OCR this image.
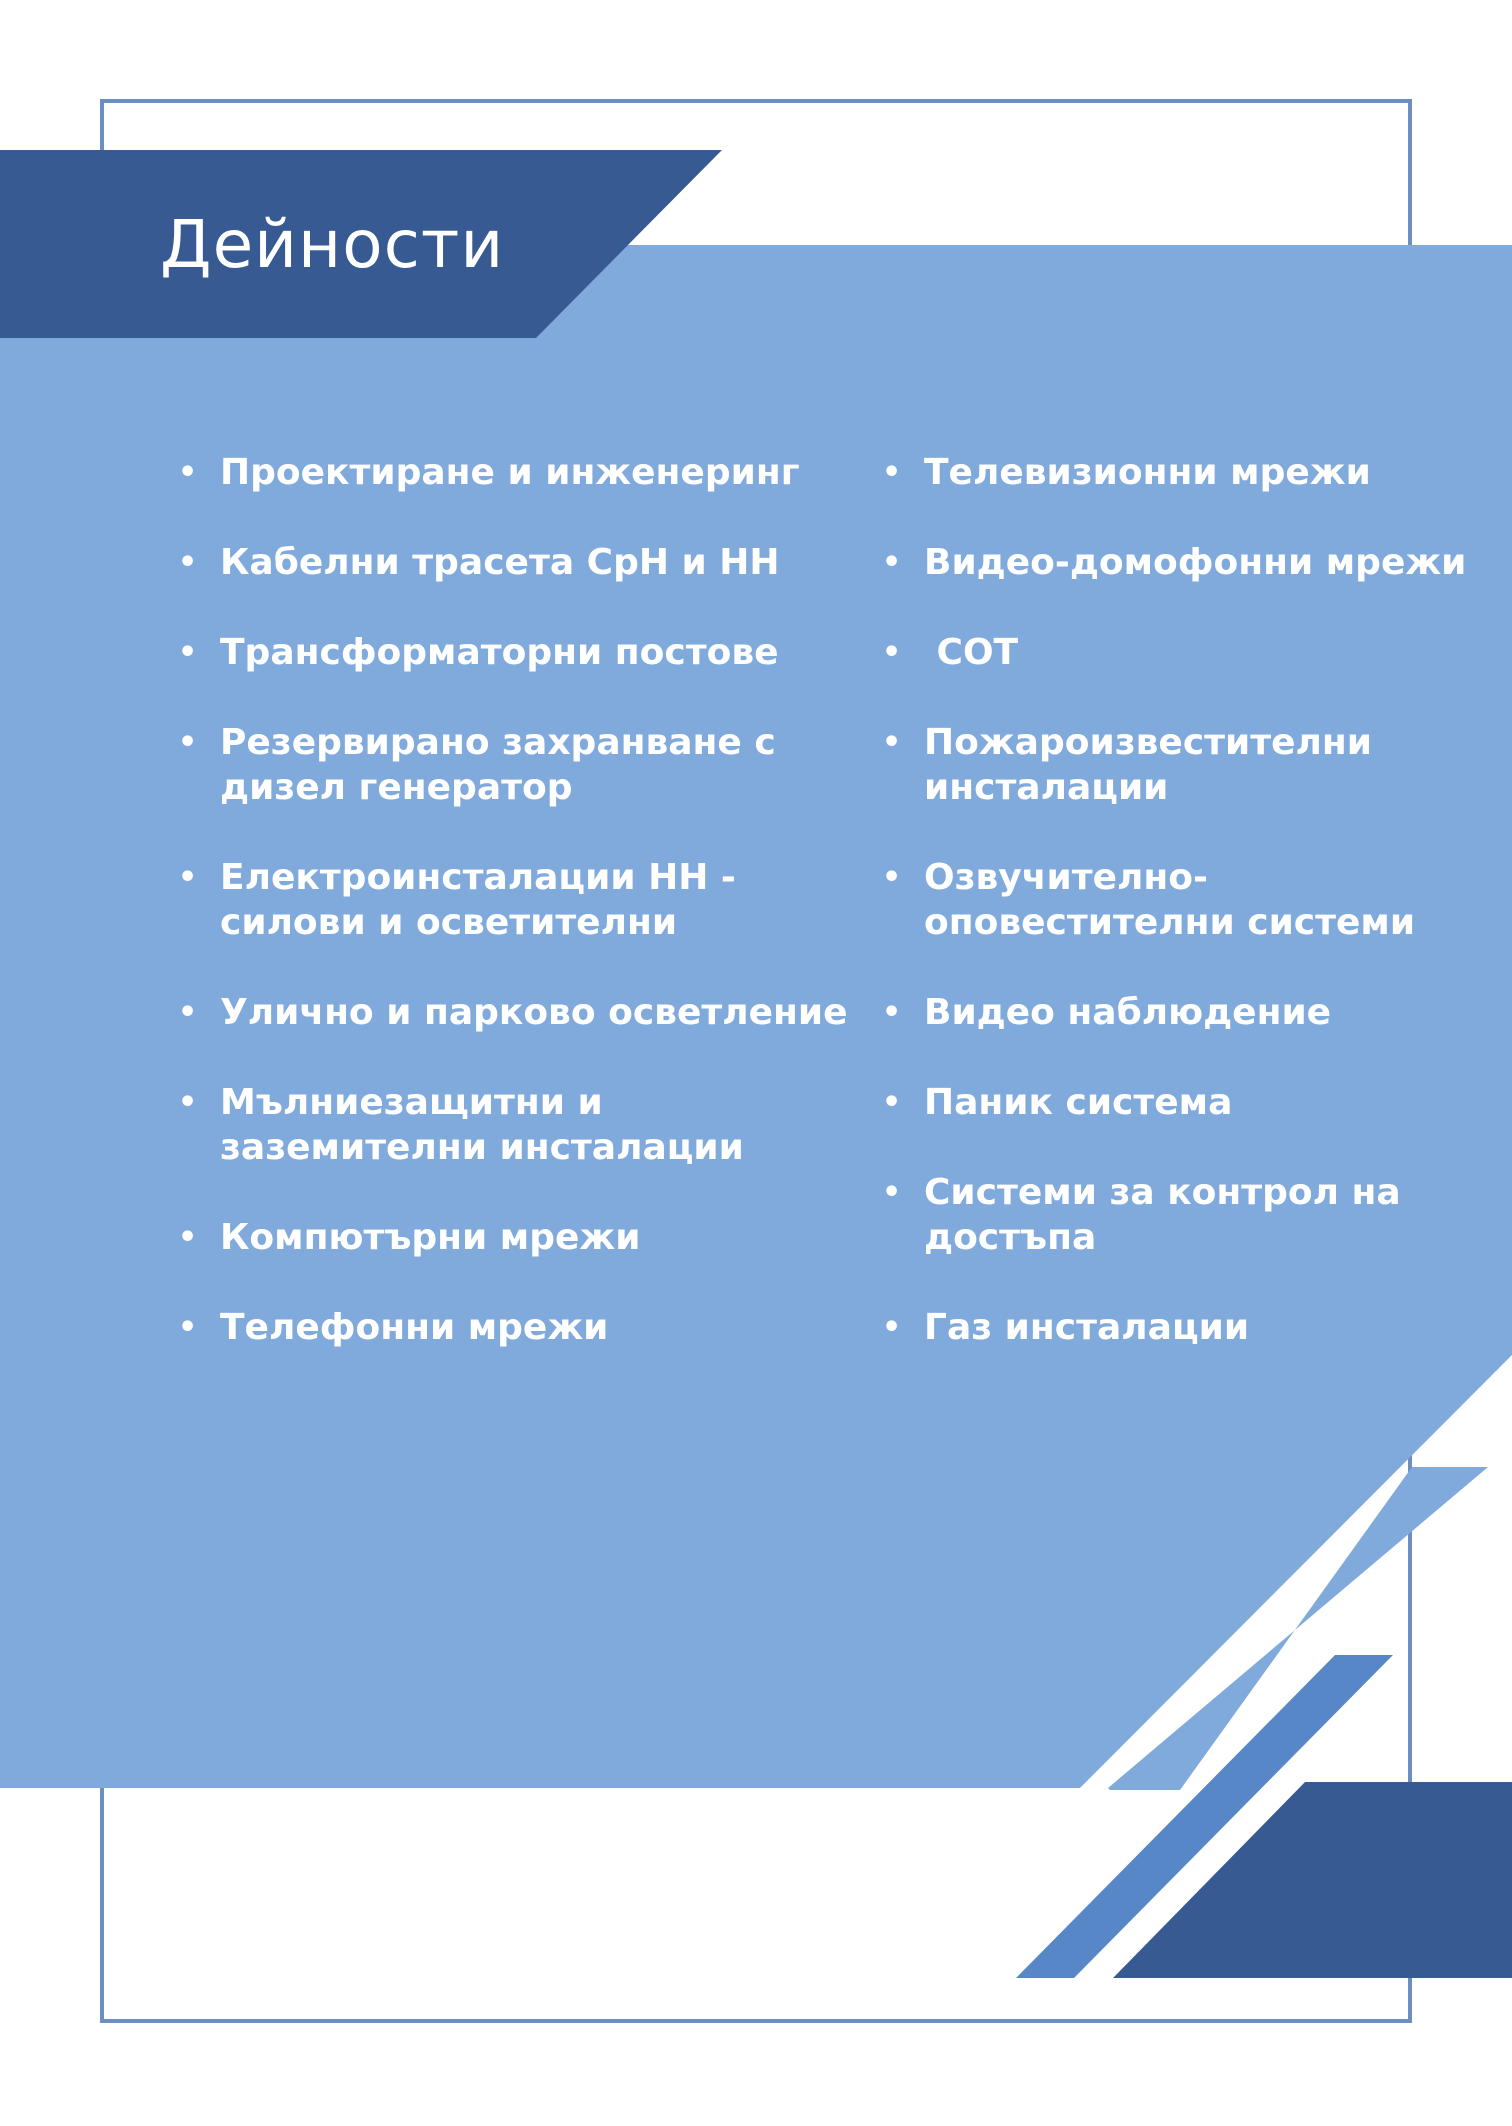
Дейности
• Проектиране и инженеринг
• Кабелни трасета СрН и НН
• Трансформаторни постове
• Резервирано захранване с дизел генератор
• Електроинсталации НН - силови и осветителни
• Улично и парково осветление
• Мълниезащитни и заземителни инсталации
• Компютърни мрежи
• Телефонни мрежи
• Телевизионни мрежи
• Видео-домофонни мрежи
• СОТ
• Пожароизвестителни инсталации
• Озвучително-оповестителни системи
• Видео наблюдение
• Паник система
• Системи за контрол на достъпа
• Газ инсталации
